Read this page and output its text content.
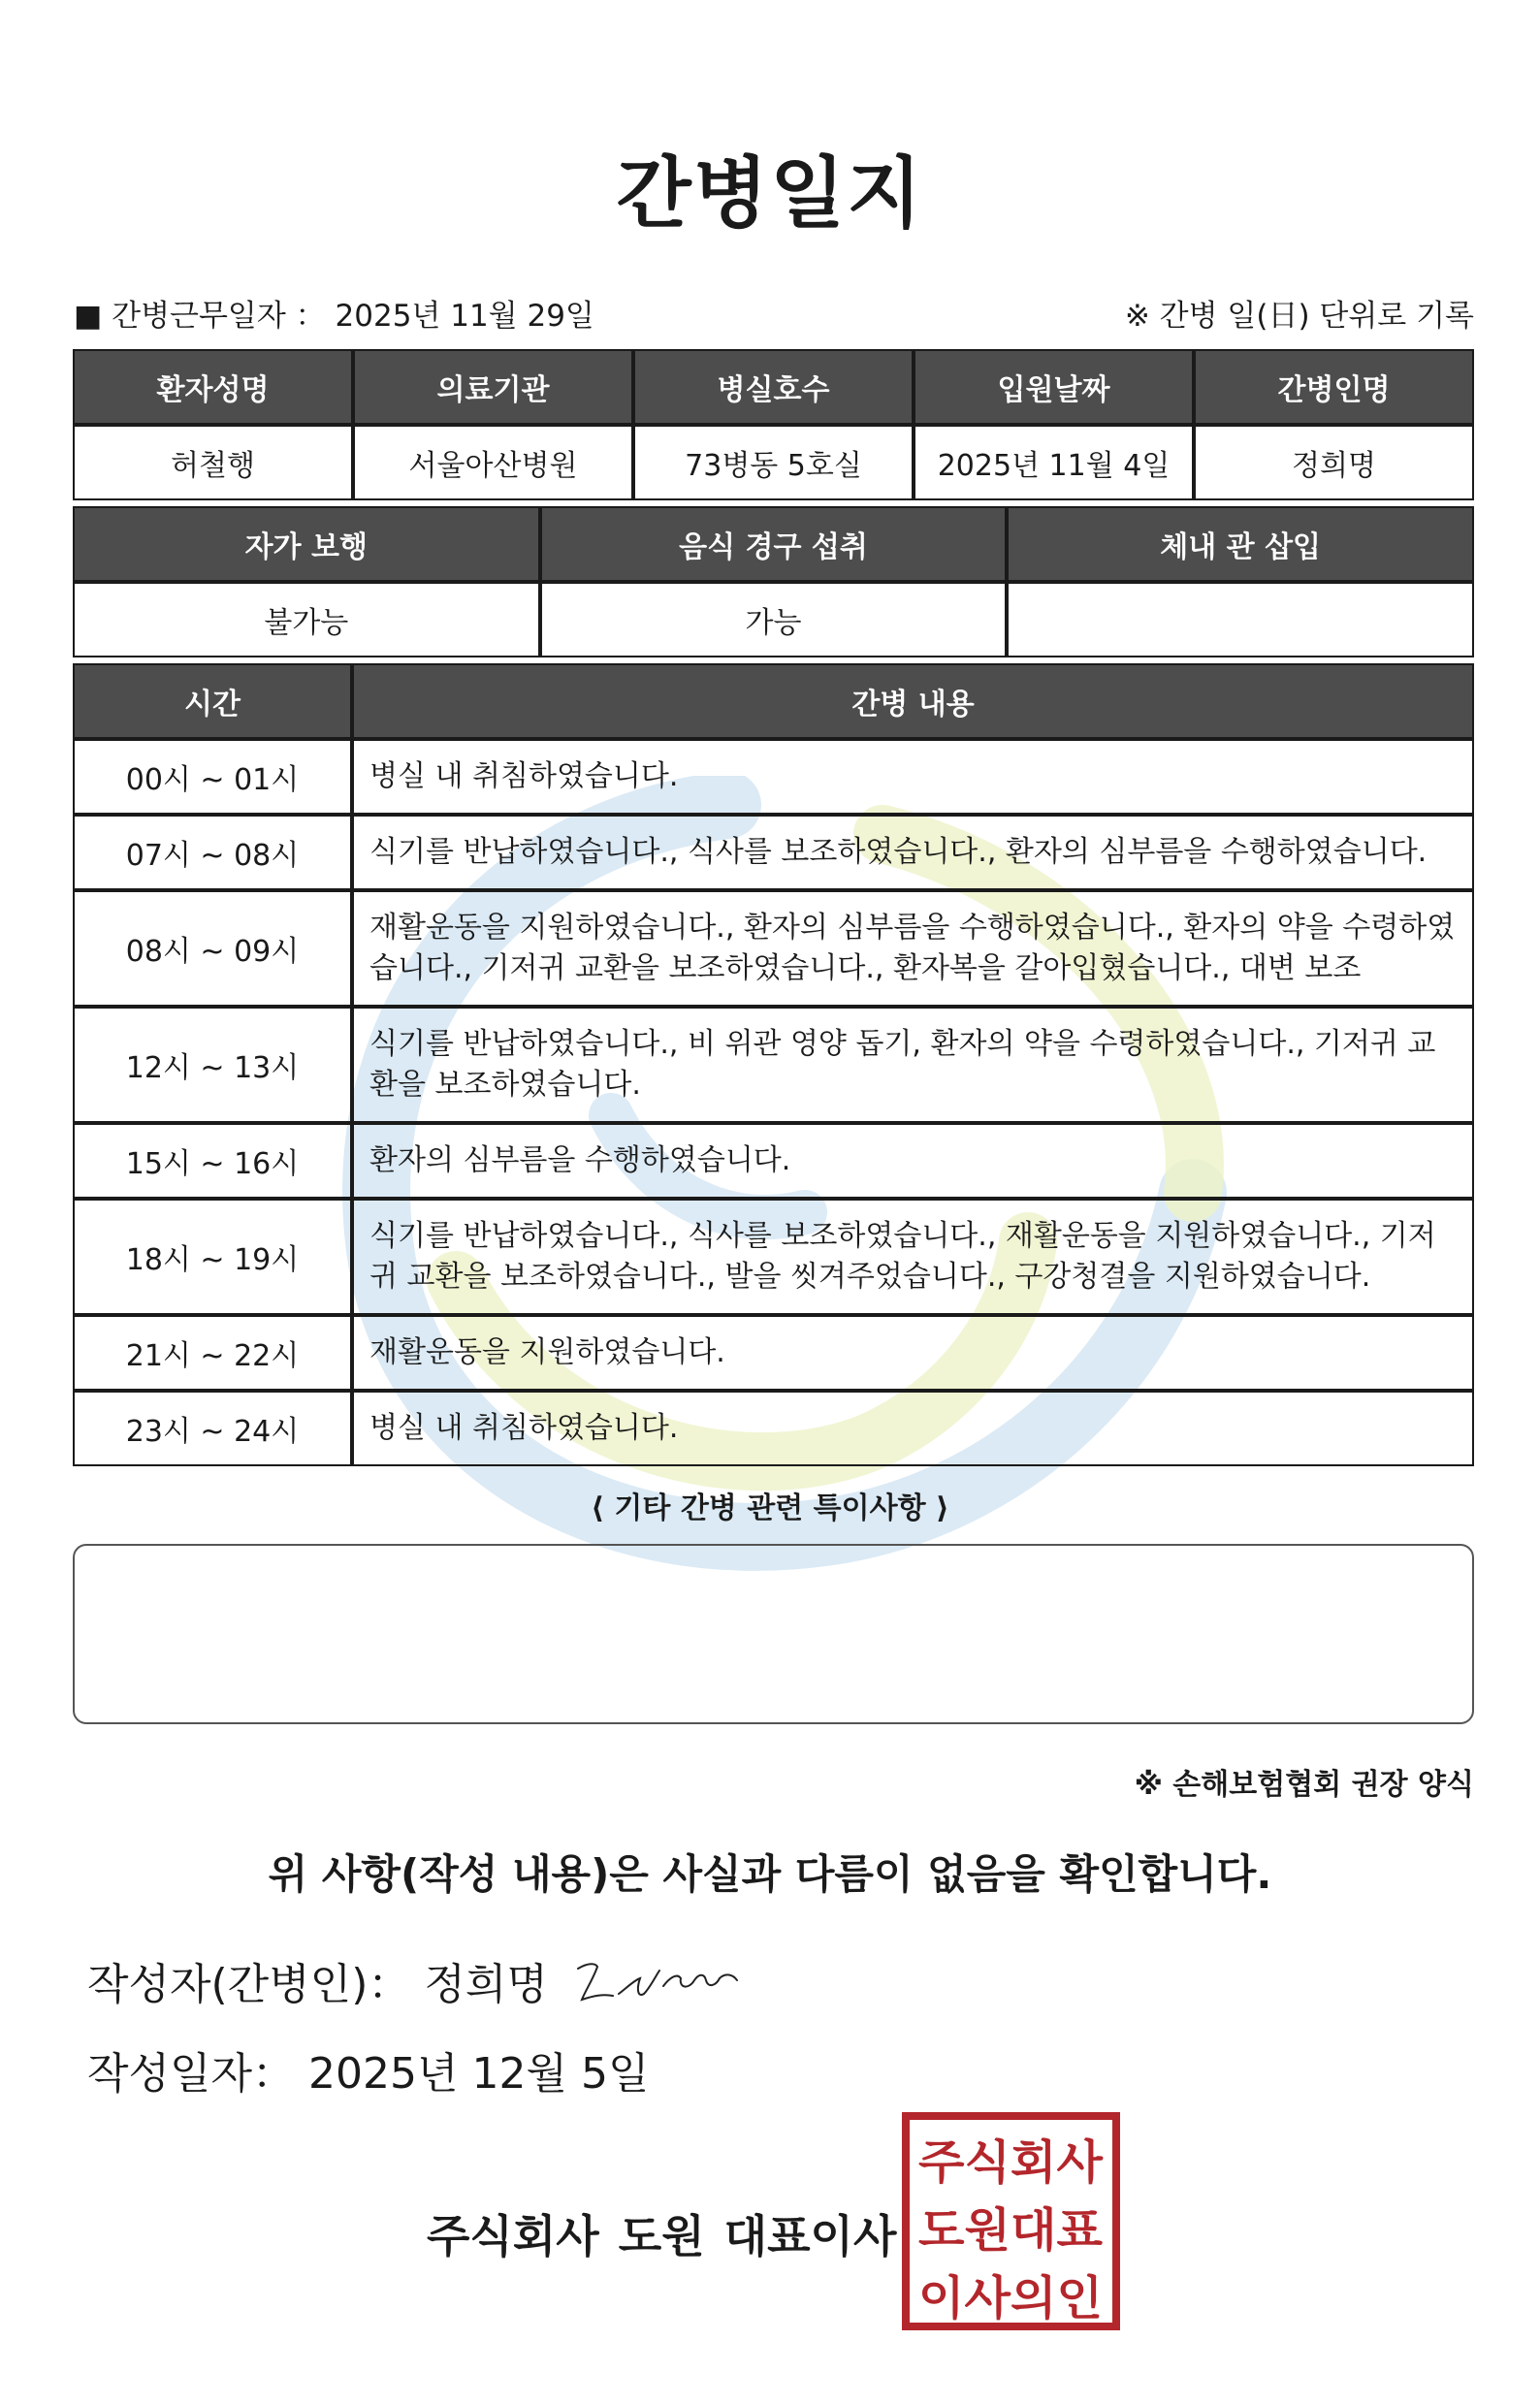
간병일지
■ 간병근무일자 ： 2025년 11월 29일	※ 간병 일(日) 단위로 기록
환자성명	의료기관	병실호수	입원날짜	간병인명
허철행	서울아산병원	73병동 5호실	2025년 11월 4일	정희명
자가 보행	음식 경구 섭취	체내 관 삽입
불가능	가능	
시간	간병 내용
00시 ~ 01시	병실 내 취침하였습니다.
07시 ~ 08시	식기를 반납하였습니다., 식사를 보조하였습니다., 환자의 심부름을 수행하였습니다.
08시 ~ 09시	재활운동을 지원하였습니다., 환자의 심부름을 수행하였습니다., 환자의 약을 수령하였습니다., 기저귀 교환을 보조하였습니다., 환자복을 갈아입혔습니다., 대변 보조
12시 ~ 13시	식기를 반납하였습니다., 비 위관 영양 돕기, 환자의 약을 수령하였습니다., 기저귀 교환을 보조하였습니다.
15시 ~ 16시	환자의 심부름을 수행하였습니다.
18시 ~ 19시	식기를 반납하였습니다., 식사를 보조하였습니다., 재활운동을 지원하였습니다., 기저귀 교환을 보조하였습니다., 발을 씻겨주었습니다., 구강청결을 지원하였습니다.
21시 ~ 22시	재활운동을 지원하였습니다.
23시 ~ 24시	병실 내 취침하였습니다.
⟨ 기타 간병 관련 특이사항 ⟩
※ 손해보험협회 권장 양식
위 사항(작성 내용)은 사실과 다름이 없음을 확인합니다.
작성자(간병인)： 정희명
작성일자： 2025년 12월 5일
주식회사 도원 대표이사
주식회사
도원대표
이사의인
